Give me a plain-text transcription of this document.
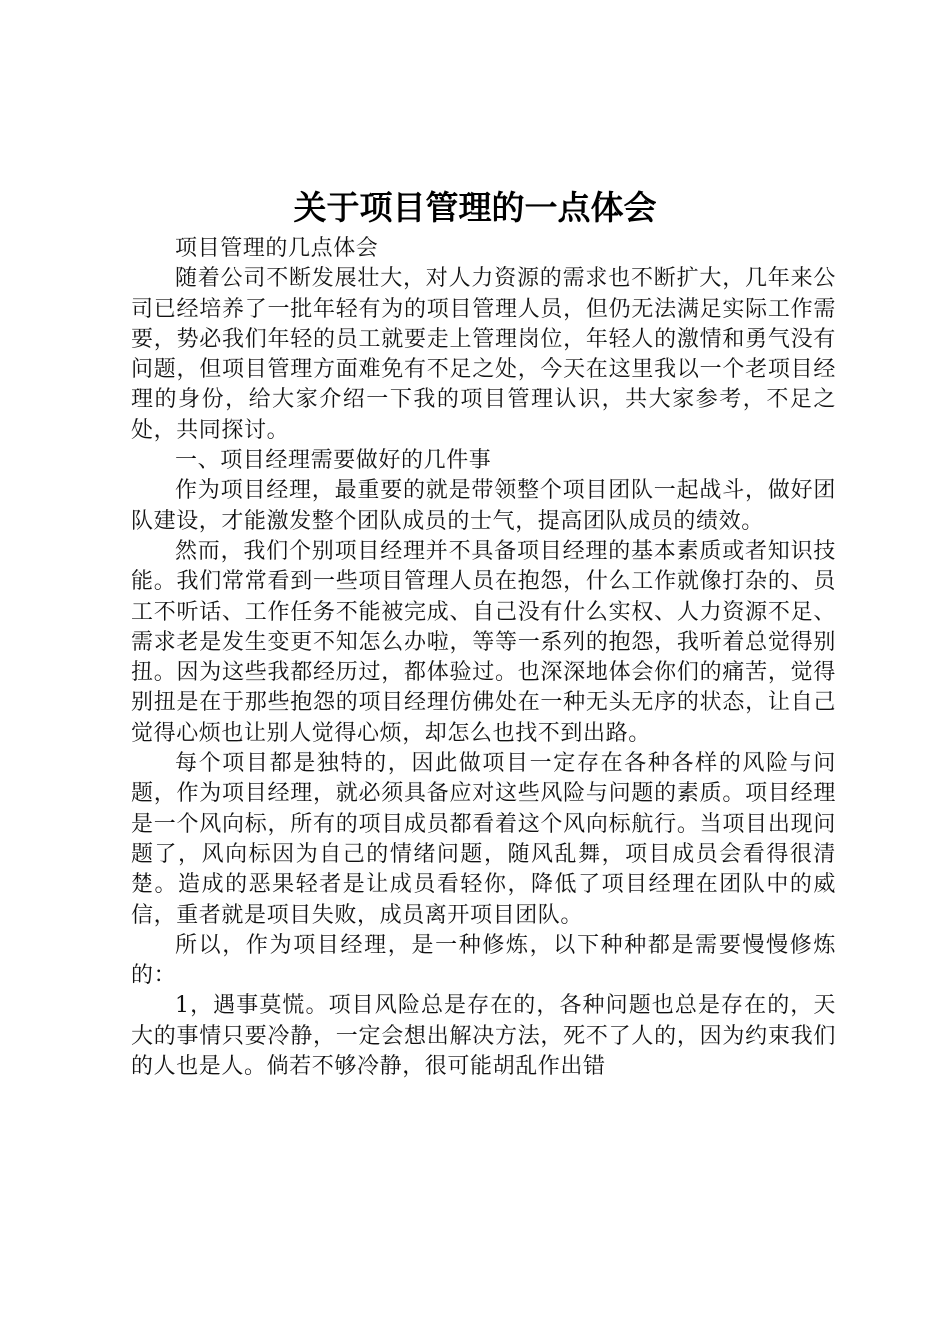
关于项目管理的一点体会

项目管理的几点体会

随着公司不断发展壮大，对人力资源的需求也不断扩大，几年来公司已经培养了一批年轻有为的项目管理人员，但仍无法满足实际工作需要，势必我们年轻的员工就要走上管理岗位，年轻人的激情和勇气没有问题，但项目管理方面难免有不足之处，今天在这里我以一个老项目经理的身份，给大家介绍一下我的项目管理认识，共大家参考，不足之处，共同探讨。

一、项目经理需要做好的几件事

作为项目经理，最重要的就是带领整个项目团队一起战斗，做好团队建设，才能激发整个团队成员的士气，提高团队成员的绩效。

然而，我们个别项目经理并不具备项目经理的基本素质或者知识技能。我们常常看到一些项目管理人员在抱怨，什么工作就像打杂的、员工不听话、工作任务不能被完成、自己没有什么实权、人力资源不足、需求老是发生变更不知怎么办啦，等等一系列的抱怨，我听着总觉得别扭。因为这些我都经历过，都体验过。也深深地体会你们的痛苦，觉得别扭是在于那些抱怨的项目经理仿佛处在一种无头无序的状态，让自己觉得心烦也让别人觉得心烦，却怎么也找不到出路。

每个项目都是独特的，因此做项目一定存在各种各样的风险与问题，作为项目经理，就必须具备应对这些风险与问题的素质。项目经理是一个风向标，所有的项目成员都看着这个风向标航行。当项目出现问题了，风向标因为自己的情绪问题，随风乱舞，项目成员会看得很清楚。造成的恶果轻者是让成员看轻你，降低了项目经理在团队中的威信，重者就是项目失败，成员离开项目团队。

所以，作为项目经理，是一种修炼，以下种种都是需要慢慢修炼的：

1，遇事莫慌。项目风险总是存在的，各种问题也总是存在的，天大的事情只要冷静，一定会想出解决方法，死不了人的，因为约束我们的人也是人。倘若不够冷静，很可能胡乱作出错
